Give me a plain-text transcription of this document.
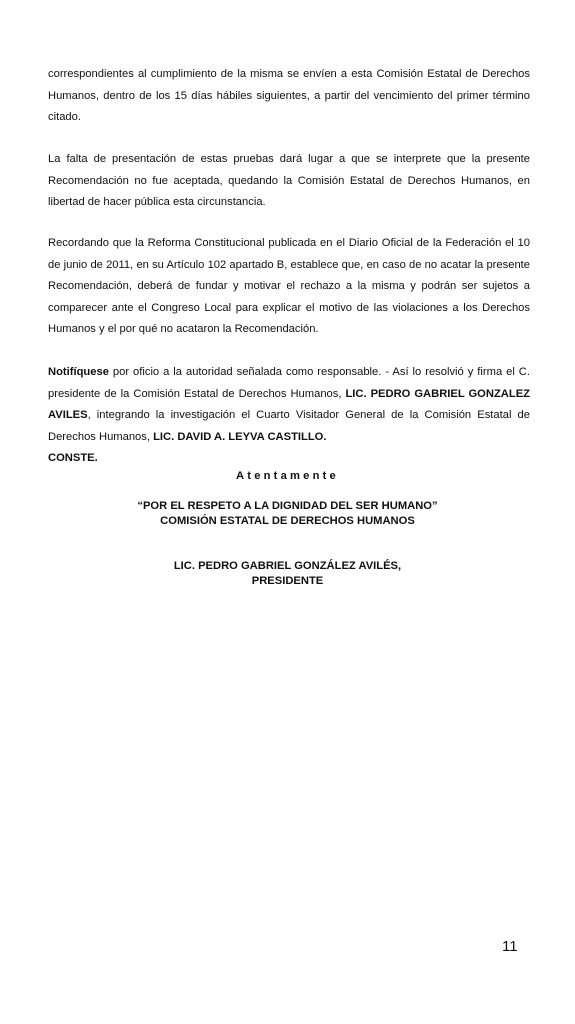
correspondientes al cumplimiento de la misma se envíen a esta Comisión Estatal de Derechos Humanos, dentro de los 15 días hábiles siguientes, a partir del vencimiento del primer término citado.

La falta de presentación de estas pruebas dará lugar a que se interprete que la presente Recomendación no fue aceptada, quedando la Comisión Estatal de Derechos Humanos, en libertad de hacer pública esta circunstancia.

Recordando que la Reforma Constitucional publicada en el Diario Oficial de la Federación el 10 de junio de 2011, en su Artículo 102 apartado B, establece que, en caso de no acatar la presente Recomendación, deberá de fundar y motivar el rechazo a la misma y podrán ser sujetos a comparecer ante el Congreso Local para explicar el motivo de las violaciones a los Derechos Humanos y el por qué no acataron la Recomendación.

Notifíquese por oficio a la autoridad señalada como responsable. - Así lo resolvió y firma el C. presidente de la Comisión Estatal de Derechos Humanos, LIC. PEDRO GABRIEL GONZALEZ AVILES, integrando la investigación el Cuarto Visitador General de la Comisión Estatal de Derechos Humanos, LIC. DAVID A. LEYVA CASTILLO.
CONSTE.

Atentamente

“POR EL RESPETO A LA DIGNIDAD DEL SER HUMANO”

COMISIÓN ESTATAL DE DERECHOS HUMANOS

LIC. PEDRO GABRIEL GONZÁLEZ AVILÉS,

PRESIDENTE

11
